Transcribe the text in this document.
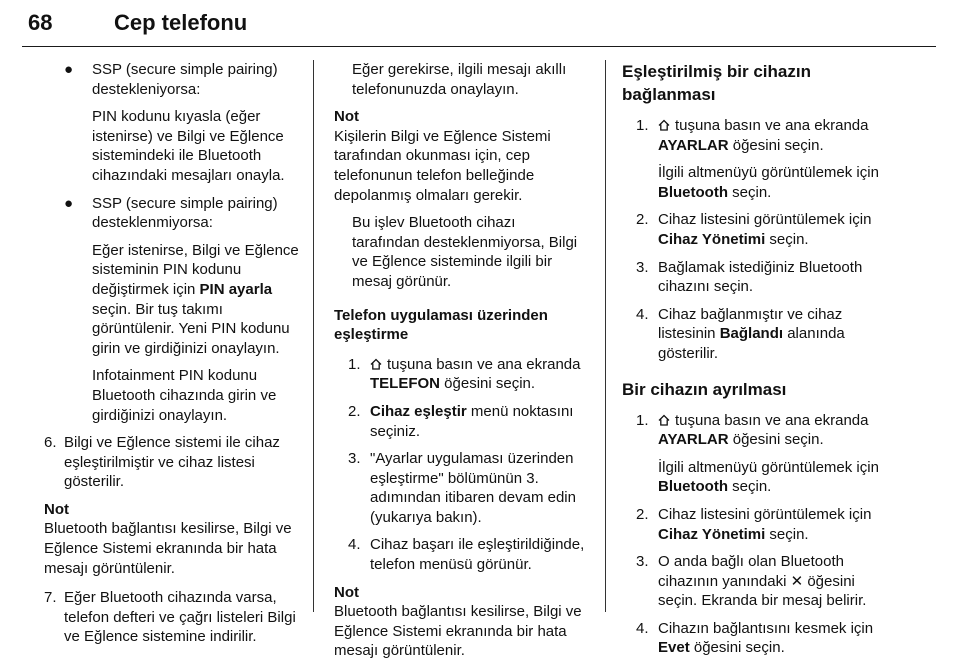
68	Cep telefonu
● SSP (secure simple pairing) destekleniyorsa:
PIN kodunu kıyasla (eğer istenirse) ve Bilgi ve Eğlence sistemindeki ile Bluetooth cihazındaki mesajları onayla.
● SSP (secure simple pairing) desteklenmiyorsa:
Eğer istenirse, Bilgi ve Eğlence sisteminin PIN kodunu değiştirmek için PIN ayarla seçin. Bir tuş takımı görüntülenir. Yeni PIN kodunu girin ve girdiğinizi onaylayın.
Infotainment PIN kodunu Bluetooth cihazında girin ve girdiğinizi onaylayın.
6. Bilgi ve Eğlence sistemi ile cihaz eşleştirilmiştir ve cihaz listesi gösterilir.
Not
Bluetooth bağlantısı kesilirse, Bilgi ve Eğlence Sistemi ekranında bir hata mesajı görüntülenir.
7. Eğer Bluetooth cihazında varsa, telefon defteri ve çağrı listeleri Bilgi ve Eğlence sistemine indirilir.
Eğer gerekirse, ilgili mesajı akıllı telefonunuzda onaylayın.
Not
Kişilerin Bilgi ve Eğlence Sistemi tarafından okunması için, cep telefonunun telefon belleğinde depolanmış olmaları gerekir.
Bu işlev Bluetooth cihazı tarafından desteklenmiyorsa, Bilgi ve Eğlence sisteminde ilgili bir mesaj görünür.
Telefon uygulaması üzerinden eşleştirme
1.	tuşuna basın ve ana ekranda TELEFON öğesini seçin.
2. Cihaz eşleştir menü noktasını seçiniz.
3. "Ayarlar uygulaması üzerinden eşleştirme" bölümünün 3. adımından itibaren devam edin (yukarıya bakın).
4. Cihaz başarı ile eşleştirildiğinde, telefon menüsü görünür.
Not
Bluetooth bağlantısı kesilirse, Bilgi ve Eğlence Sistemi ekranında bir hata mesajı görüntülenir.
Eşleştirilmiş bir cihazın bağlanması
1.	tuşuna basın ve ana ekranda AYARLAR öğesini seçin.
İlgili altmenüyü görüntülemek için Bluetooth seçin.
2. Cihaz listesini görüntülemek için Cihaz Yönetimi seçin.
3. Bağlamak istediğiniz Bluetooth cihazını seçin.
4. Cihaz bağlanmıştır ve cihaz listesinin Bağlandı alanında gösterilir.
Bir cihazın ayrılması
1.	tuşuna basın ve ana ekranda AYARLAR öğesini seçin.
İlgili altmenüyü görüntülemek için Bluetooth seçin.
2. Cihaz listesini görüntülemek için Cihaz Yönetimi seçin.
3. O anda bağlı olan Bluetooth cihazının yanındaki ✕ öğesini seçin. Ekranda bir mesaj belirir.
4. Cihazın bağlantısını kesmek için Evet öğesini seçin.
